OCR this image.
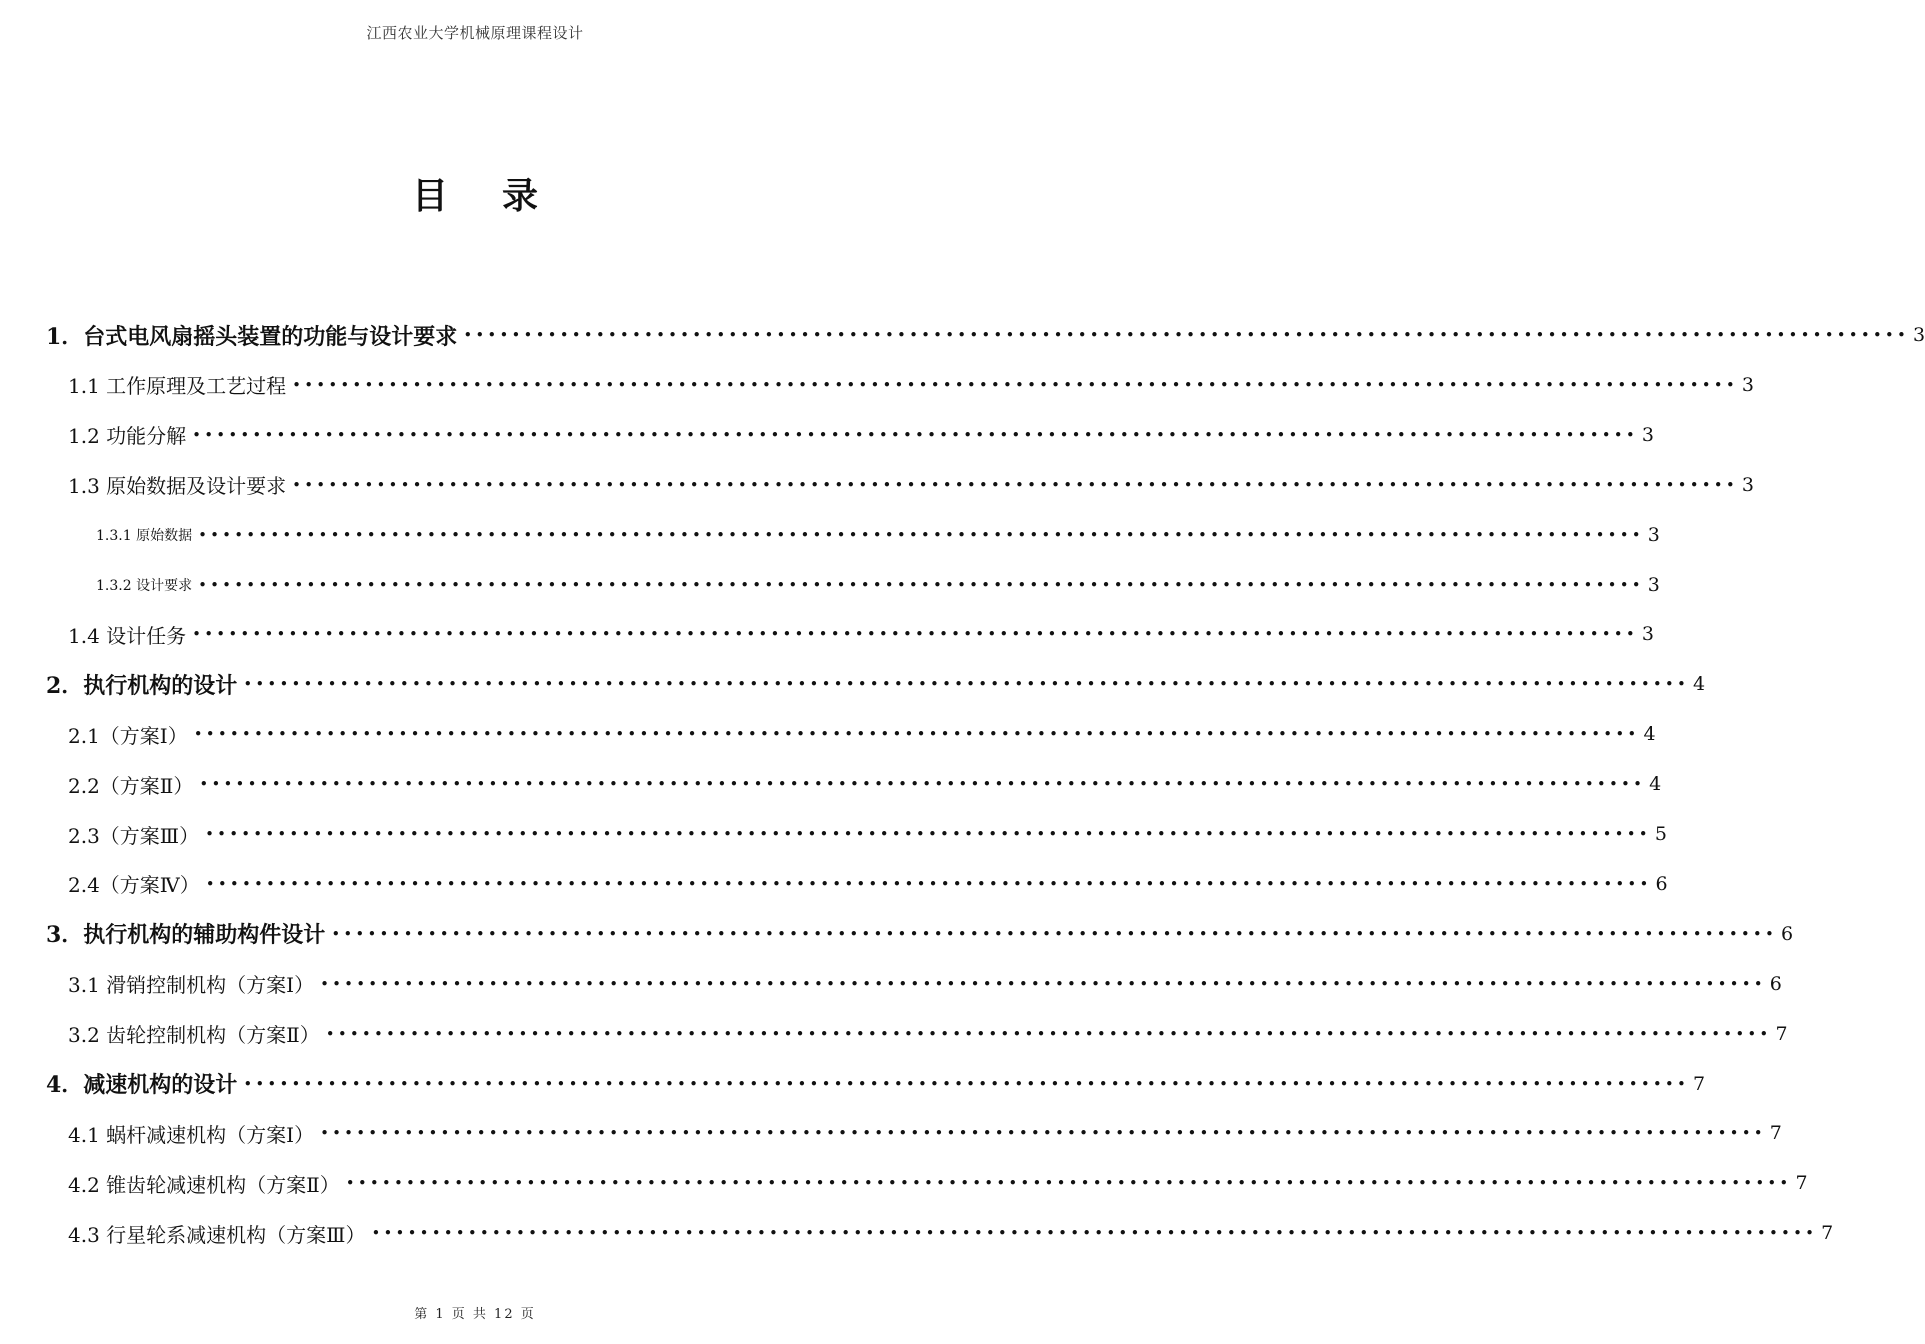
江西农业大学机械原理课程设计
目录
1．台式电风扇摇头装置的功能与设计要求 •••••••••••••••••••••••••••••••••••••••••••••••••••••••••••••••••••••••••••••••••••••••••••••••••••••••••••••••••••••••• 3
1.1 工作原理及工艺过程 •••••••••••••••••••••••••••••••••••••••••••••••••••••••••••••••••••••••••••••••••••••••••••••••••••••••••••••••••••••••• 3
1.2 功能分解 •••••••••••••••••••••••••••••••••••••••••••••••••••••••••••••••••••••••••••••••••••••••••••••••••••••••••••••••••••••••• 3
1.3 原始数据及设计要求 •••••••••••••••••••••••••••••••••••••••••••••••••••••••••••••••••••••••••••••••••••••••••••••••••••••••••••••••••••••••• 3
1.3.1 原始数据 •••••••••••••••••••••••••••••••••••••••••••••••••••••••••••••••••••••••••••••••••••••••••••••••••••••••••••••••••••••••• 3
1.3.2 设计要求 •••••••••••••••••••••••••••••••••••••••••••••••••••••••••••••••••••••••••••••••••••••••••••••••••••••••••••••••••••••••• 3
1.4 设计任务 •••••••••••••••••••••••••••••••••••••••••••••••••••••••••••••••••••••••••••••••••••••••••••••••••••••••••••••••••••••••• 3
2．执行机构的设计 •••••••••••••••••••••••••••••••••••••••••••••••••••••••••••••••••••••••••••••••••••••••••••••••••••••••••••••••••••••••• 4
2.1（方案Ⅰ） •••••••••••••••••••••••••••••••••••••••••••••••••••••••••••••••••••••••••••••••••••••••••••••••••••••••••••••••••••••••• 4
2.2（方案Ⅱ） •••••••••••••••••••••••••••••••••••••••••••••••••••••••••••••••••••••••••••••••••••••••••••••••••••••••••••••••••••••••• 4
2.3（方案Ⅲ） •••••••••••••••••••••••••••••••••••••••••••••••••••••••••••••••••••••••••••••••••••••••••••••••••••••••••••••••••••••••• 5
2.4（方案Ⅳ） •••••••••••••••••••••••••••••••••••••••••••••••••••••••••••••••••••••••••••••••••••••••••••••••••••••••••••••••••••••••• 6
3．执行机构的辅助构件设计 •••••••••••••••••••••••••••••••••••••••••••••••••••••••••••••••••••••••••••••••••••••••••••••••••••••••••••••••••••••••• 6
3.1 滑销控制机构（方案Ⅰ） •••••••••••••••••••••••••••••••••••••••••••••••••••••••••••••••••••••••••••••••••••••••••••••••••••••••••••••••••••••••• 6
3.2 齿轮控制机构（方案Ⅱ） •••••••••••••••••••••••••••••••••••••••••••••••••••••••••••••••••••••••••••••••••••••••••••••••••••••••••••••••••••••••• 7
4．减速机构的设计 •••••••••••••••••••••••••••••••••••••••••••••••••••••••••••••••••••••••••••••••••••••••••••••••••••••••••••••••••••••••• 7
4.1 蜗杆减速机构（方案Ⅰ） •••••••••••••••••••••••••••••••••••••••••••••••••••••••••••••••••••••••••••••••••••••••••••••••••••••••••••••••••••••••• 7
4.2 锥齿轮减速机构（方案Ⅱ） •••••••••••••••••••••••••••••••••••••••••••••••••••••••••••••••••••••••••••••••••••••••••••••••••••••••••••••••••••••••• 7
4.3 行星轮系减速机构（方案Ⅲ） •••••••••••••••••••••••••••••••••••••••••••••••••••••••••••••••••••••••••••••••••••••••••••••••••••••••••••••••••••••••• 7
第 1 页 共 12 页
